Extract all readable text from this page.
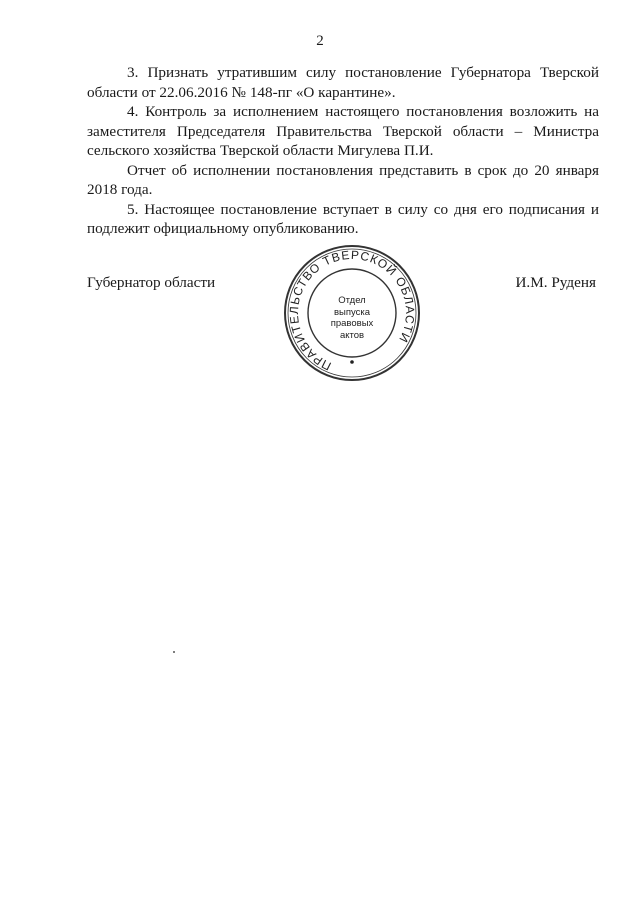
2

3. Признать утратившим силу постановление Губернатора Тверской области от 22.06.2016 № 148-пг «О карантине».

4. Контроль за исполнением настоящего постановления возложить на заместителя Председателя Правительства Тверской области – Министра сельского хозяйства Тверской области Мигулева П.И.

Отчет об исполнении постановления представить в срок до 20 января 2018 года.

5. Настоящее постановление вступает в силу со дня его подписания и подлежит официальному опубликованию.

Губернатор области
ПРАВИТЕЛЬСТВО ТВЕРСКОЙ ОБЛАСТИ
Отдел
выпуска
правовых
актов
И.М. Руденя
